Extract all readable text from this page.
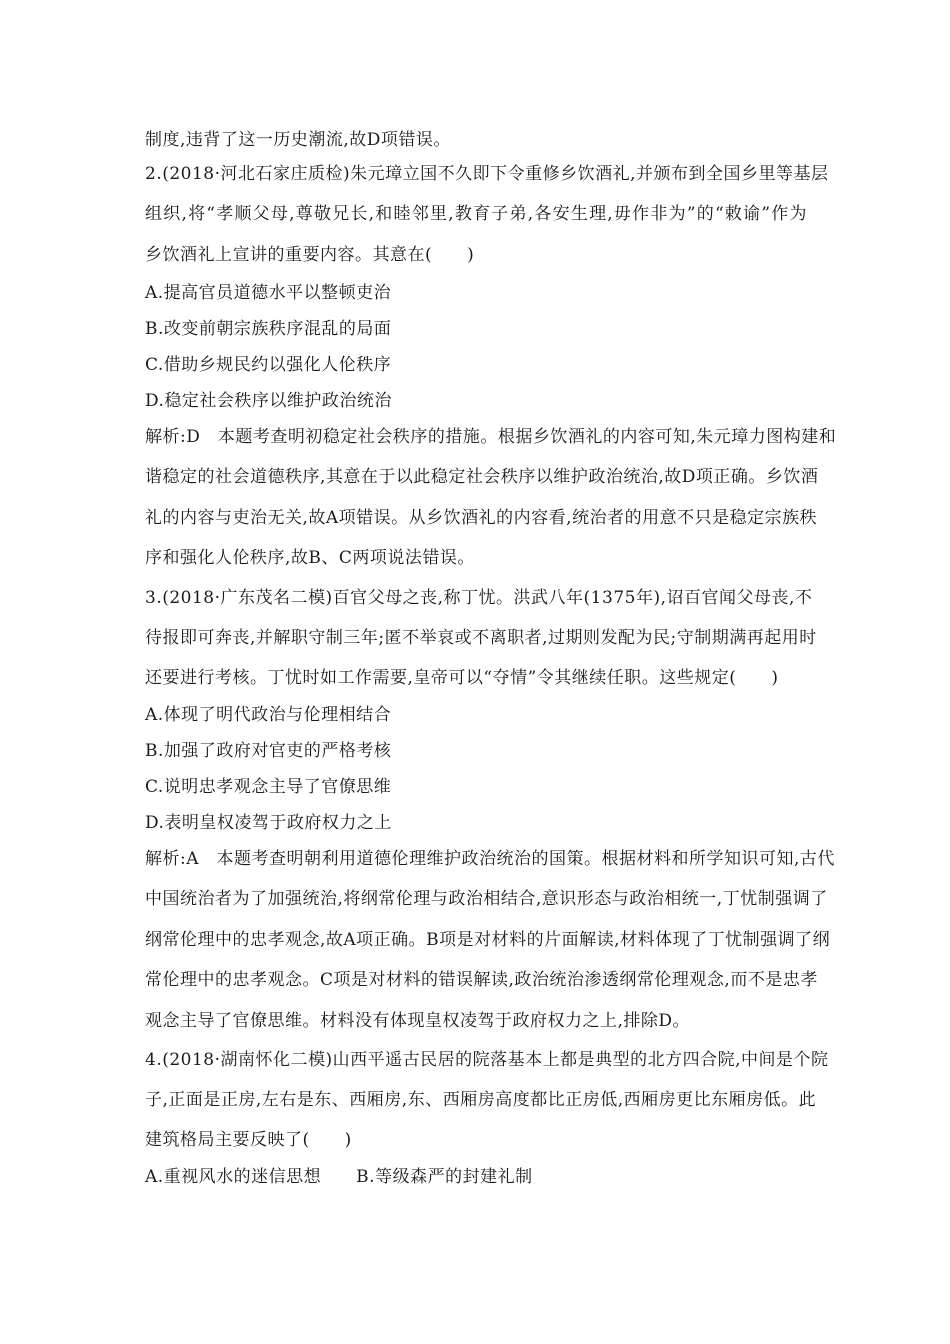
制度,违背了这一历史潮流,故D项错误。
2.(2018·河北石家庄质检)朱元璋立国不久即下令重修乡饮酒礼,并颁布到全国乡里等基层
组织,将“孝顺父母,尊敬兄长,和睦邻里,教育子弟,各安生理,毋作非为”的“敕谕”作为
乡饮酒礼上宣讲的重要内容。其意在(　　)
A.提高官员道德水平以整顿吏治
B.改变前朝宗族秩序混乱的局面
C.借助乡规民约以强化人伦秩序
D.稳定社会秩序以维护政治统治
解析:D　本题考查明初稳定社会秩序的措施。根据乡饮酒礼的内容可知,朱元璋力图构建和
谐稳定的社会道德秩序,其意在于以此稳定社会秩序以维护政治统治,故D项正确。乡饮酒
礼的内容与吏治无关,故A项错误。从乡饮酒礼的内容看,统治者的用意不只是稳定宗族秩
序和强化人伦秩序,故B、C两项说法错误。
3.(2018·广东茂名二模)百官父母之丧,称丁忧。洪武八年(1375年),诏百官闻父母丧,不
待报即可奔丧,并解职守制三年;匿不举哀或不离职者,过期则发配为民;守制期满再起用时
还要进行考核。丁忧时如工作需要,皇帝可以“夺情”令其继续任职。这些规定(　　)
A.体现了明代政治与伦理相结合
B.加强了政府对官吏的严格考核
C.说明忠孝观念主导了官僚思维
D.表明皇权凌驾于政府权力之上
解析:A　本题考查明朝利用道德伦理维护政治统治的国策。根据材料和所学知识可知,古代
中国统治者为了加强统治,将纲常伦理与政治相结合,意识形态与政治相统一,丁忧制强调了
纲常伦理中的忠孝观念,故A项正确。B项是对材料的片面解读,材料体现了丁忧制强调了纲
常伦理中的忠孝观念。C项是对材料的错误解读,政治统治渗透纲常伦理观念,而不是忠孝
观念主导了官僚思维。材料没有体现皇权凌驾于政府权力之上,排除D。
4.(2018·湖南怀化二模)山西平遥古民居的院落基本上都是典型的北方四合院,中间是个院
子,正面是正房,左右是东、西厢房,东、西厢房高度都比正房低,西厢房更比东厢房低。此
建筑格局主要反映了(　　)
A.重视风水的迷信思想　　B.等级森严的封建礼制
